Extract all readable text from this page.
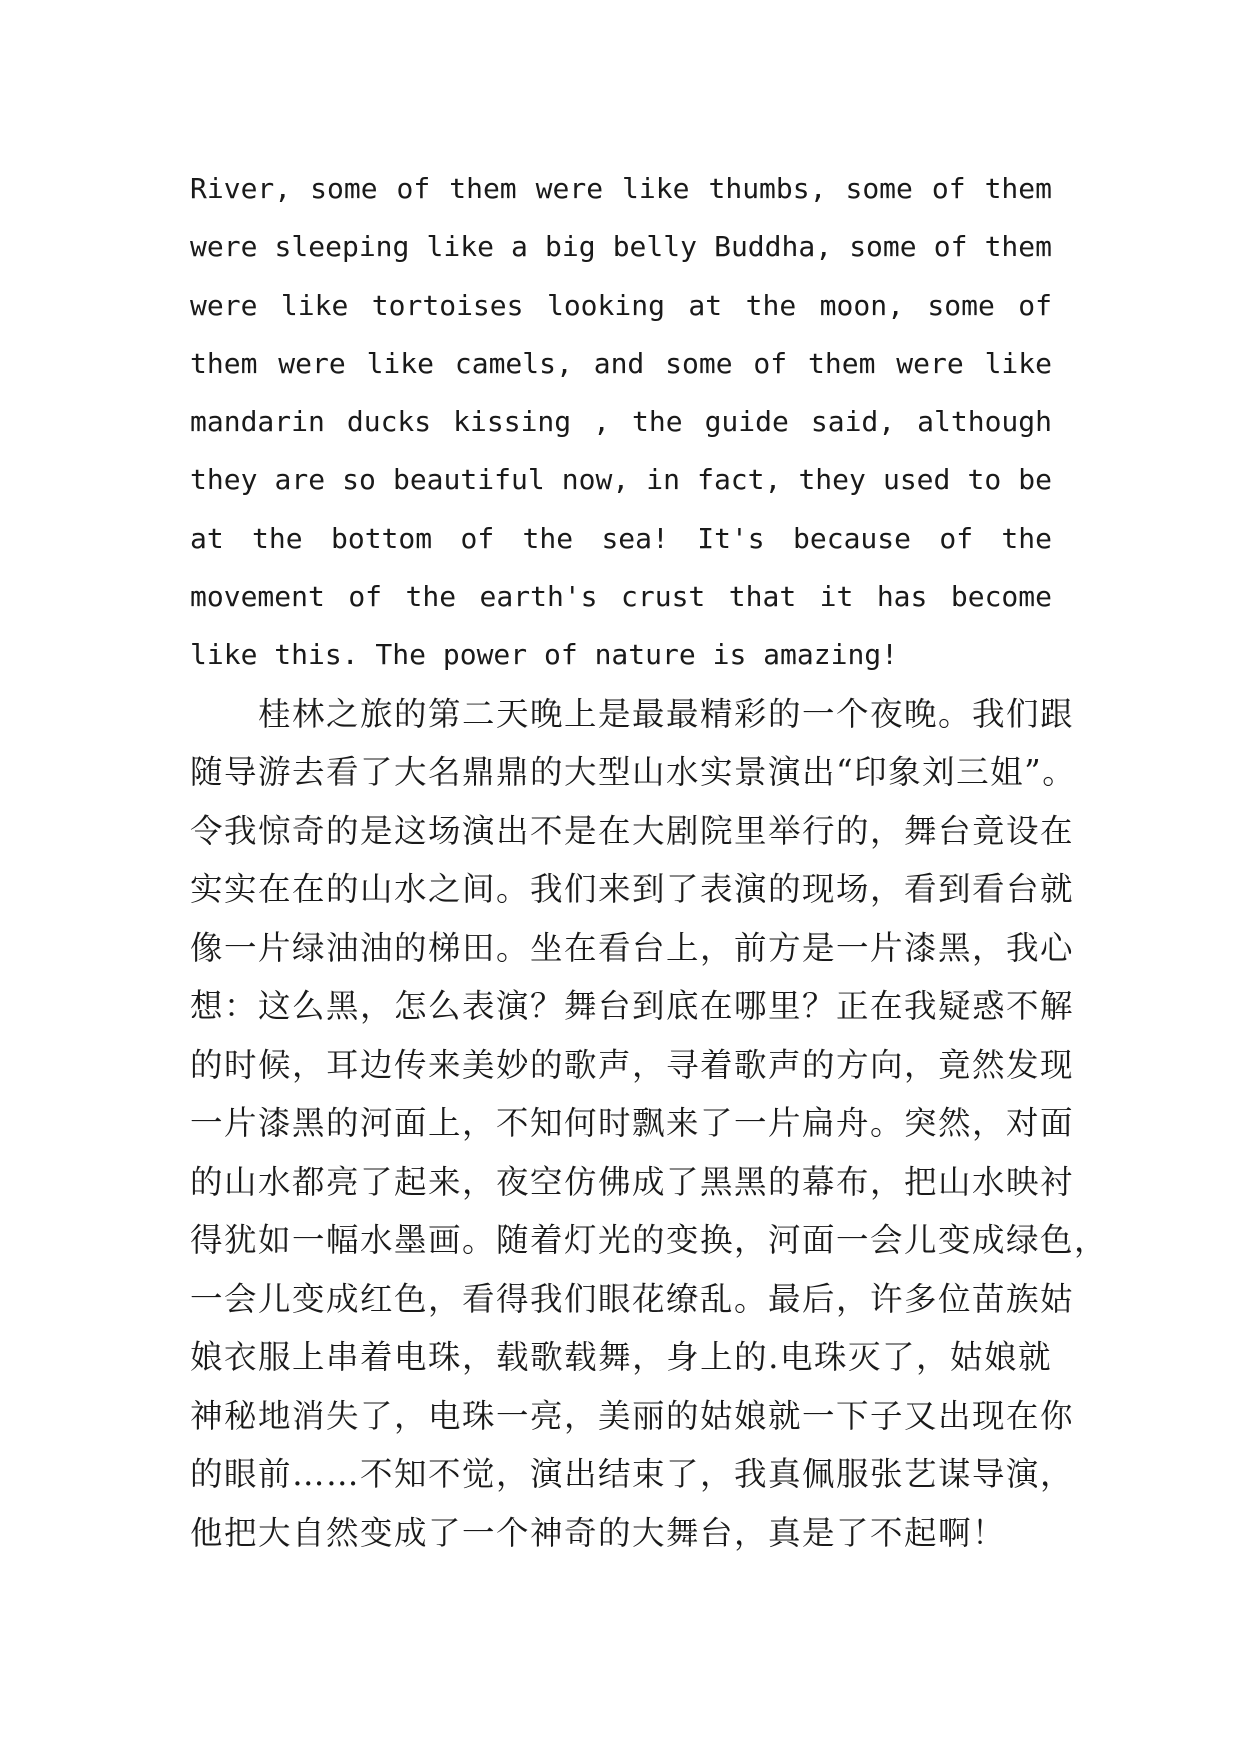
River, some of them were like thumbs, some of them
were sleeping like a big belly Buddha, some of them
were like tortoises looking at the moon, some of
them were like camels, and some of them were like
mandarin ducks kissing , the guide said, although
they are so beautiful now, in fact, they used to be
at the bottom of the sea! It's because of the
movement of the earth's crust that it has become
like this. The power of nature is amazing!
桂林之旅的第二天晚上是最最精彩的一个夜晚。我们跟
随导游去看了大名鼎鼎的大型山水实景演出“印象刘三姐”。
令我惊奇的是这场演出不是在大剧院里举行的，舞台竟设在
实实在在的山水之间。我们来到了表演的现场，看到看台就
像一片绿油油的梯田。坐在看台上，前方是一片漆黑，我心
想：这么黑，怎么表演？舞台到底在哪里？正在我疑惑不解
的时候，耳边传来美妙的歌声，寻着歌声的方向，竟然发现
一片漆黑的河面上，不知何时飘来了一片扁舟。突然，对面
的山水都亮了起来，夜空仿佛成了黑黑的幕布，把山水映衬
得犹如一幅水墨画。随着灯光的变换，河面一会儿变成绿色，
一会儿变成红色，看得我们眼花缭乱。最后，许多位苗族姑
娘衣服上串着电珠，载歌载舞，身上的.电珠灭了，姑娘就
神秘地消失了，电珠一亮，美丽的姑娘就一下子又出现在你
的眼前……不知不觉，演出结束了，我真佩服张艺谋导演，
他把大自然变成了一个神奇的大舞台，真是了不起啊！
